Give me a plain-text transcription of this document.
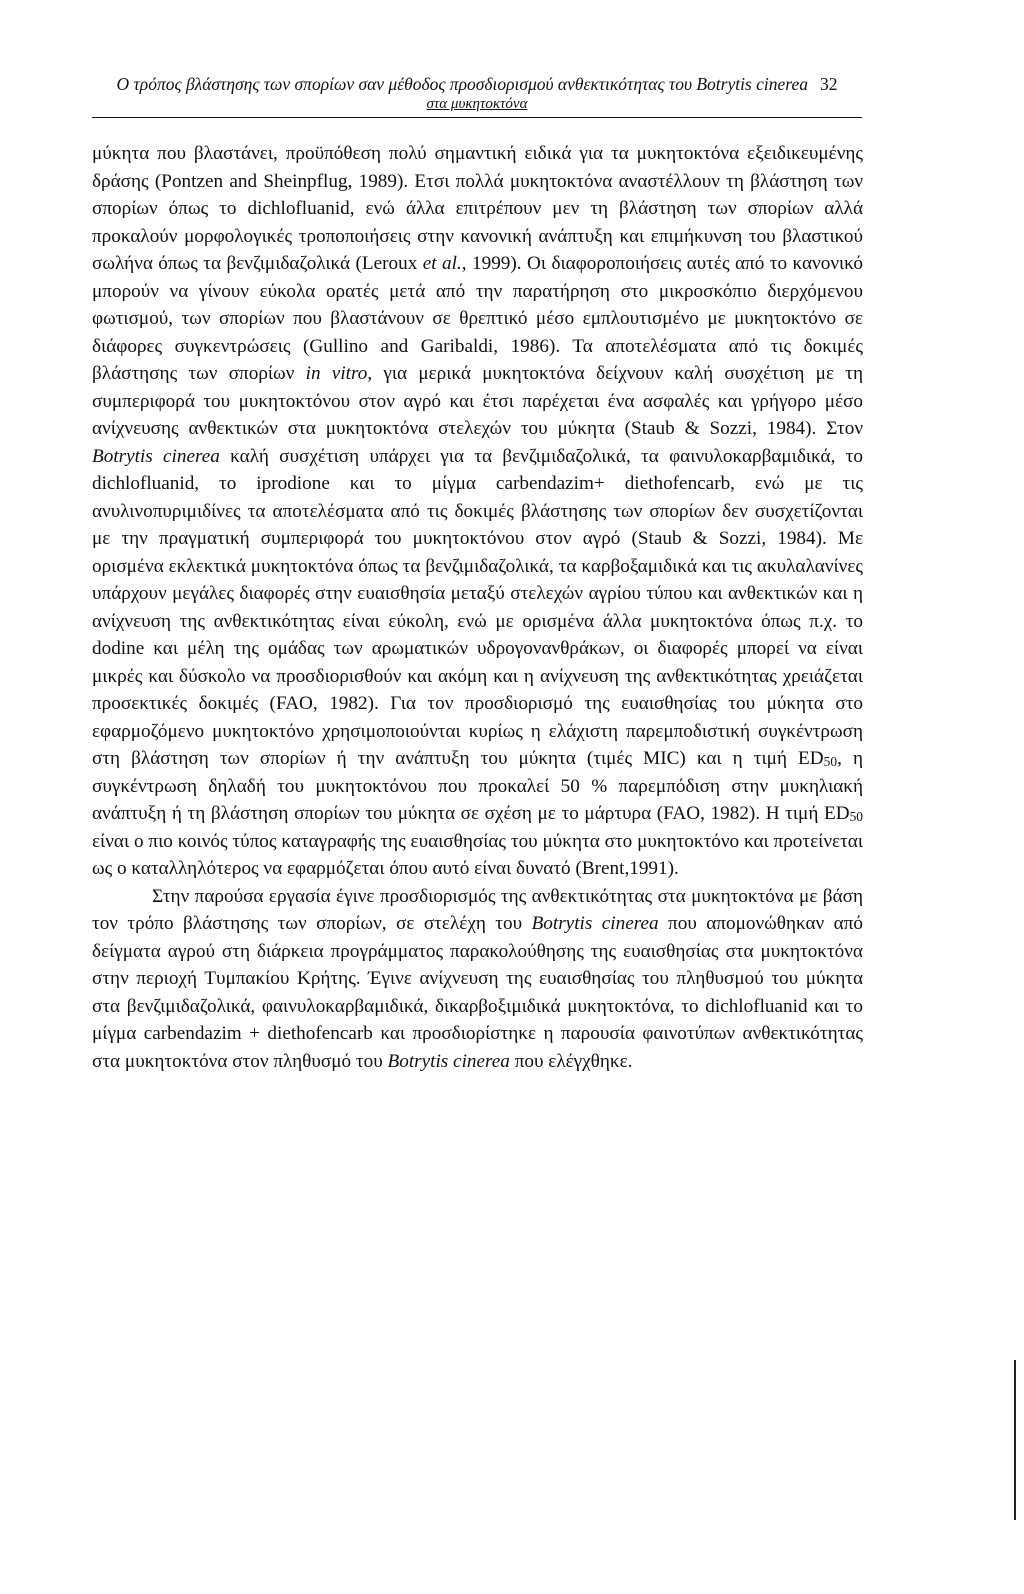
Ο τρόπος βλάστησης των σπορίων σαν μέθοδος προσδιορισμού ανθεκτικότητας του Botrytis cinerea 32
στα μυκητοκτόνα

μύκητα που βλαστάνει, προϋπόθεση πολύ σημαντική ειδικά για τα μυκητοκτόνα εξειδικευμένης δράσης (Pontzen and Sheinpflug, 1989). Ετσι πολλά μυκητοκτόνα αναστέλλουν τη βλάστηση των σπορίων όπως το dichlofluanid, ενώ άλλα επιτρέπουν μεν τη βλάστηση των σπορίων αλλά προκαλούν μορφολογικές τροποποιήσεις στην κανονική ανάπτυξη και επιμήκυνση του βλαστικού σωλήνα όπως τα βενζιμιδαζολικά (Leroux et al., 1999). Οι διαφοροποιήσεις αυτές από το κανονικό μπορούν να γίνουν εύκολα ορατές μετά από την παρατήρηση στο μικροσκόπιο διερχόμενου φωτισμού, των σπορίων που βλαστάνουν σε θρεπτικό μέσο εμπλουτισμένο με μυκητοκτόνο σε διάφορες συγκεντρώσεις (Gullino and Garibaldi, 1986). Τα αποτελέσματα από τις δοκιμές βλάστησης των σπορίων in vitro, για μερικά μυκητοκτόνα δείχνουν καλή συσχέτιση με τη συμπεριφορά του μυκητοκτόνου στον αγρό και έτσι παρέχεται ένα ασφαλές και γρήγορο μέσο ανίχνευσης ανθεκτικών στα μυκητοκτόνα στελεχών του μύκητα (Staub & Sozzi, 1984). Στον Botrytis cinerea καλή συσχέτιση υπάρχει για τα βενζιμιδαζολικά, τα φαινυλοκαρβαμιδικά, το dichlofluanid, το iprodione και το μίγμα carbendazim+ diethofencarb, ενώ με τις ανυλινοπυριμιδίνες τα αποτελέσματα από τις δοκιμές βλάστησης των σπορίων δεν συσχετίζονται με την πραγματική συμπεριφορά του μυκητοκτόνου στον αγρό (Staub & Sozzi, 1984). Με ορισμένα εκλεκτικά μυκητοκτόνα όπως τα βενζιμιδαζολικά, τα καρβοξαμιδικά και τις ακυλαλανίνες υπάρχουν μεγάλες διαφορές στην ευαισθησία μεταξύ στελεχών αγρίου τύπου και ανθεκτικών και η ανίχνευση της ανθεκτικότητας είναι εύκολη, ενώ με ορισμένα άλλα μυκητοκτόνα όπως π.χ. το dodine και μέλη της ομάδας των αρωματικών υδρογονανθράκων, οι διαφορές μπορεί να είναι μικρές και δύσκολο να προσδιορισθούν και ακόμη και η ανίχνευση της ανθεκτικότητας χρειάζεται προσεκτικές δοκιμές (FAO, 1982). Για τον προσδιορισμό της ευαισθησίας του μύκητα στο εφαρμοζόμενο μυκητοκτόνο χρησιμοποιούνται κυρίως η ελάχιστη παρεμποδιστική συγκέντρωση στη βλάστηση των σπορίων ή την ανάπτυξη του μύκητα (τιμές MIC) και η τιμή $ED_{50}$, η συγκέντρωση δηλαδή του μυκητοκτόνου που προκαλεί 50 % παρεμπόδιση στην μυκηλιακή ανάπτυξη ή τη βλάστηση σπορίων του μύκητα σε σχέση με το μάρτυρα (FAO, 1982). Η τιμή $ED_{50}$ είναι ο πιο κοινός τύπος καταγραφής της ευαισθησίας του μύκητα στο μυκητοκτόνο και προτείνεται ως ο καταλληλότερος να εφαρμόζεται όπου αυτό είναι δυνατό (Brent,1991).

Στην παρούσα εργασία έγινε προσδιορισμός της ανθεκτικότητας στα μυκητοκτόνα με βάση τον τρόπο βλάστησης των σπορίων, σε στελέχη του Botrytis cinerea που απομονώθηκαν από δείγματα αγρού στη διάρκεια προγράμματος παρακολούθησης της ευαισθησίας στα μυκητοκτόνα στην περιοχή Τυμπακίου Κρήτης. Έγινε ανίχνευση της ευαισθησίας του πληθυσμού του μύκητα στα βενζιμιδαζολικά, φαινυλοκαρβαμιδικά, δικαρβοξιμιδικά μυκητοκτόνα, το dichlofluanid και το μίγμα carbendazim + diethofencarb και προσδιορίστηκε η παρουσία φαινοτύπων ανθεκτικότητας στα μυκητοκτόνα στον πληθυσμό του Botrytis cinerea που ελέγχθηκε.
